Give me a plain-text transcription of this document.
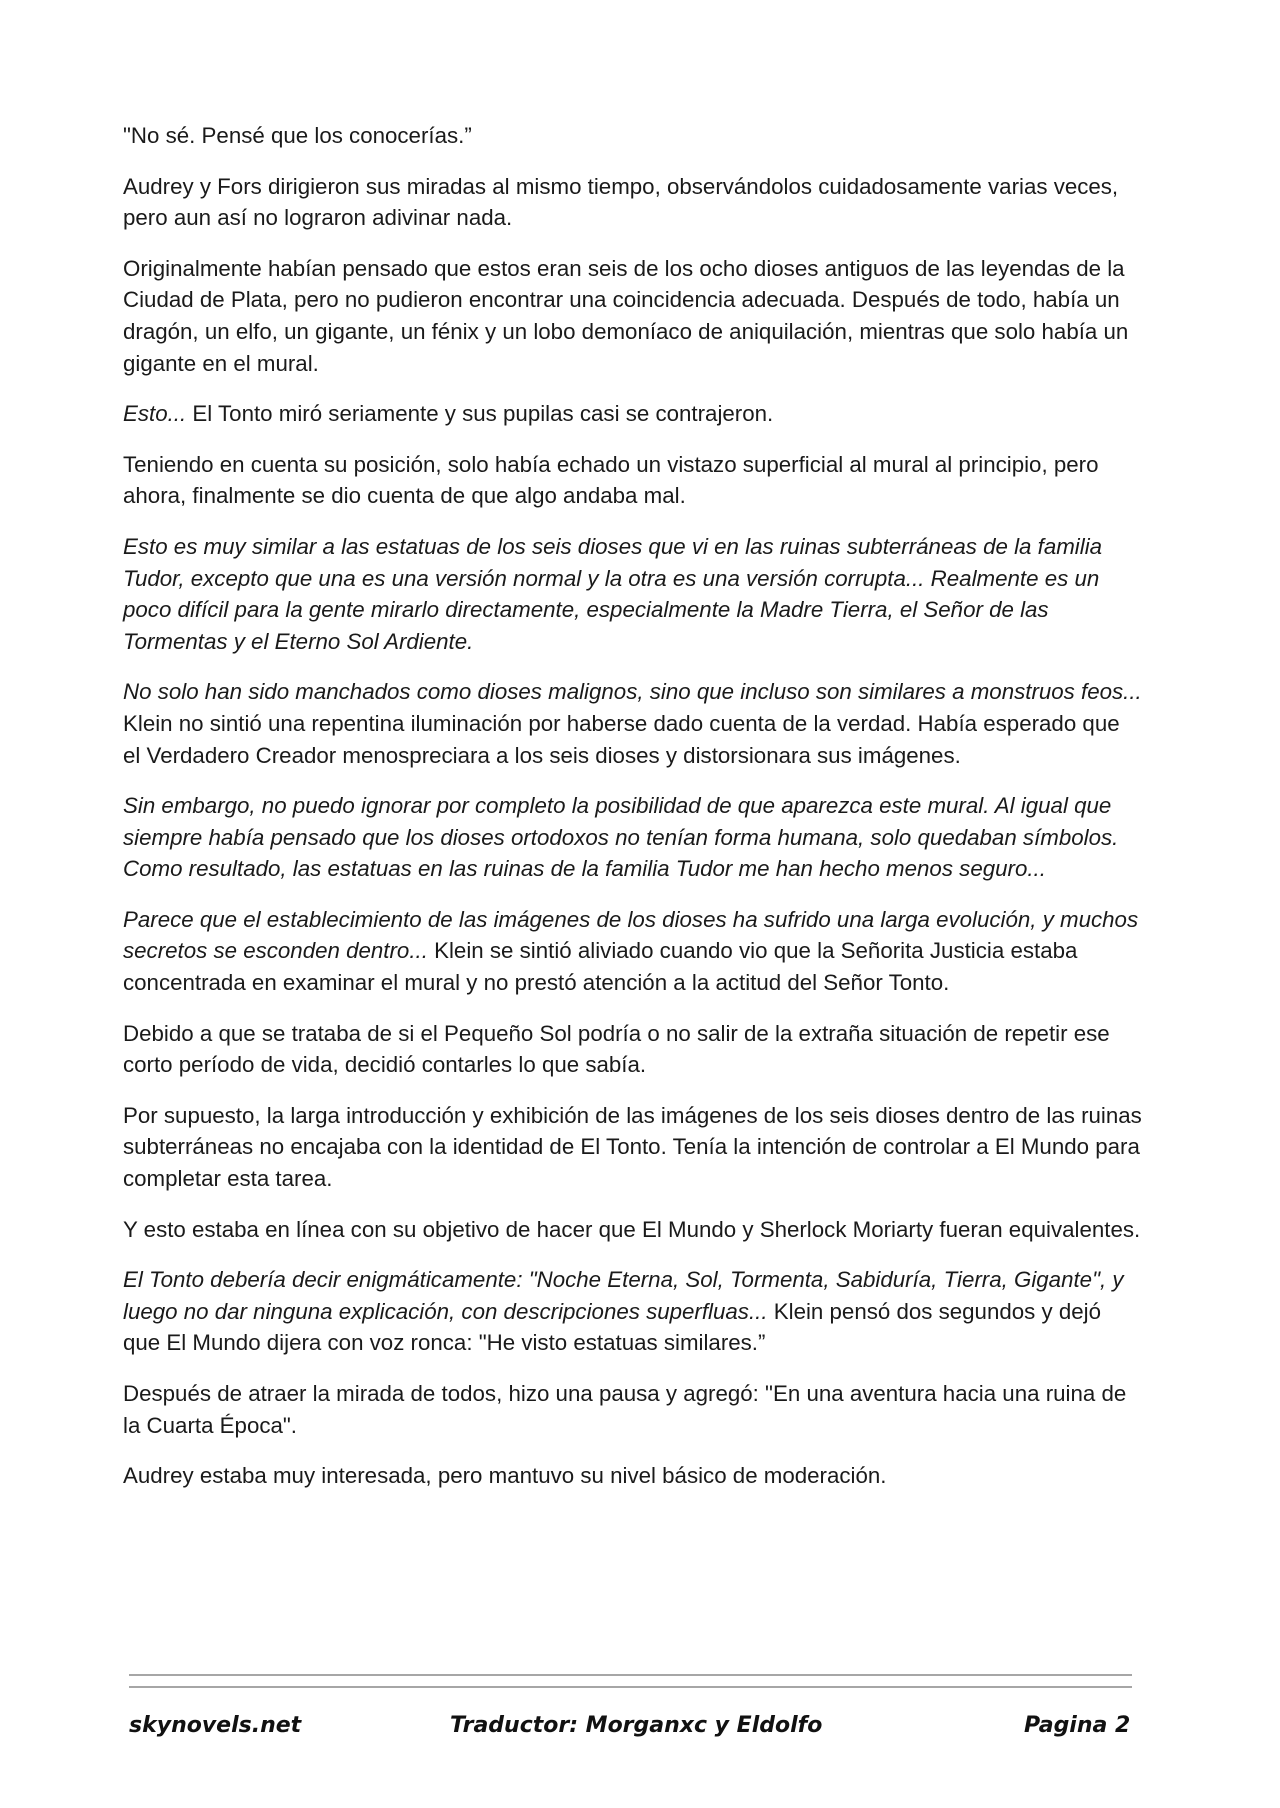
"No sé. Pensé que los conocerías.”

Audrey y Fors dirigieron sus miradas al mismo tiempo, observándolos cuidadosamente varias veces, pero aun así no lograron adivinar nada.

Originalmente habían pensado que estos eran seis de los ocho dioses antiguos de las leyendas de la Ciudad de Plata, pero no pudieron encontrar una coincidencia adecuada. Después de todo, había un dragón, un elfo, un gigante, un fénix y un lobo demoníaco de aniquilación, mientras que solo había un gigante en el mural.

Esto... El Tonto miró seriamente y sus pupilas casi se contrajeron.

Teniendo en cuenta su posición, solo había echado un vistazo superficial al mural al principio, pero ahora, finalmente se dio cuenta de que algo andaba mal.

Esto es muy similar a las estatuas de los seis dioses que vi en las ruinas subterráneas de la familia Tudor, excepto que una es una versión normal y la otra es una versión corrupta... Realmente es un poco difícil para la gente mirarlo directamente, especialmente la Madre Tierra, el Señor de las Tormentas y el Eterno Sol Ardiente.

No solo han sido manchados como dioses malignos, sino que incluso son similares a monstruos feos... Klein no sintió una repentina iluminación por haberse dado cuenta de la verdad. Había esperado que el Verdadero Creador menospreciara a los seis dioses y distorsionara sus imágenes.

Sin embargo, no puedo ignorar por completo la posibilidad de que aparezca este mural. Al igual que siempre había pensado que los dioses ortodoxos no tenían forma humana, solo quedaban símbolos. Como resultado, las estatuas en las ruinas de la familia Tudor me han hecho menos seguro...

Parece que el establecimiento de las imágenes de los dioses ha sufrido una larga evolución, y muchos secretos se esconden dentro... Klein se sintió aliviado cuando vio que la Señorita Justicia estaba concentrada en examinar el mural y no prestó atención a la actitud del Señor Tonto.

Debido a que se trataba de si el Pequeño Sol podría o no salir de la extraña situación de repetir ese corto período de vida, decidió contarles lo que sabía.

Por supuesto, la larga introducción y exhibición de las imágenes de los seis dioses dentro de las ruinas subterráneas no encajaba con la identidad de El Tonto. Tenía la intención de controlar a El Mundo para completar esta tarea.

Y esto estaba en línea con su objetivo de hacer que El Mundo y Sherlock Moriarty fueran equivalentes.

El Tonto debería decir enigmáticamente: "Noche Eterna, Sol, Tormenta, Sabiduría, Tierra, Gigante", y luego no dar ninguna explicación, con descripciones superfluas... Klein pensó dos segundos y dejó que El Mundo dijera con voz ronca: "He visto estatuas similares.”

Después de atraer la mirada de todos, hizo una pausa y agregó: "En una aventura hacia una ruina de la Cuarta Época".

Audrey estaba muy interesada, pero mantuvo su nivel básico de moderación.

skynovels.net	Traductor: Morganxc y Eldolfo	Pagina 2
